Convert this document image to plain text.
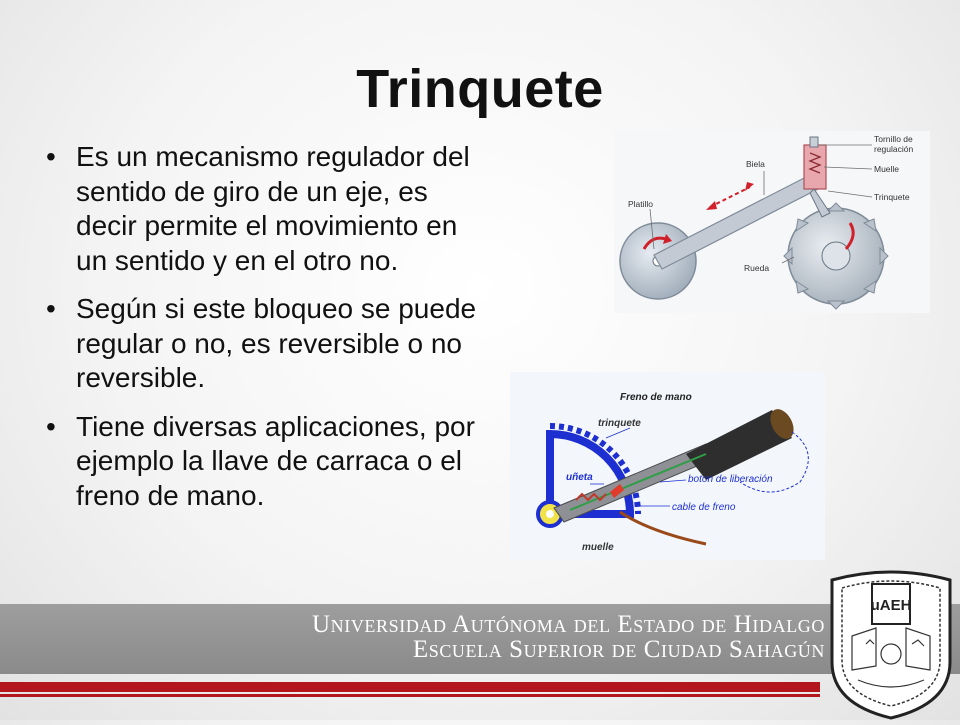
Trinquete
• Es un mecanismo regulador del sentido de giro de un eje, es decir permite el movimiento en un sentido y en el otro no.
• Según si este bloqueo se puede regular o no, es reversible o no reversible.
• Tiene diversas aplicaciones, por ejemplo la llave de carraca o el freno de mano.
Tornillo de
regulación
Biela	Muelle
Platillo
Trinquete
Rueda
Freno de mano
trinquete
uñeta	boton de liberación
cable de freno
muelle
Universidad Autónoma del Estado de Hidalgo
Escuela Superior de Ciudad Sahagún
uAEH
